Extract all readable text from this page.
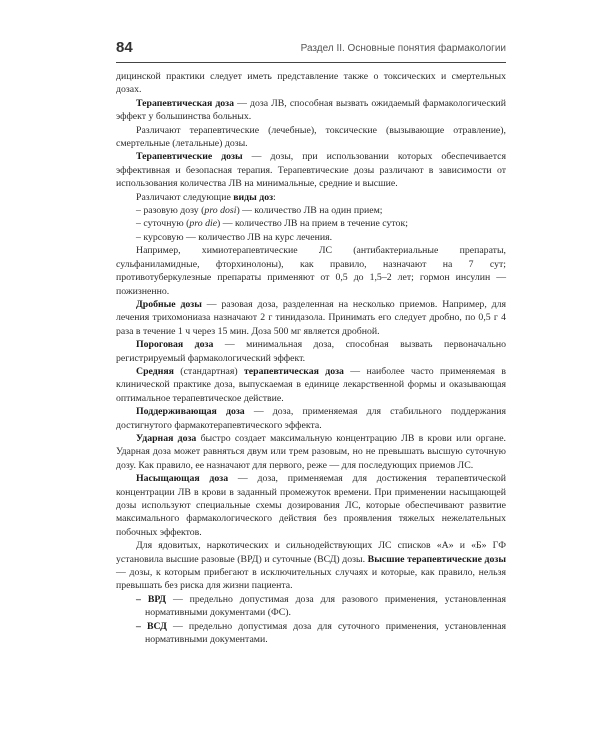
84	Раздел II. Основные понятия фармакологии

дицинской практики следует иметь представление также о токсических и смертельных дозах.

Терапевтическая доза — доза ЛВ, способная вызвать ожидаемый фармакологический эффект у большинства больных.

Различают терапевтические (лечебные), токсические (вызывающие отравление), смертельные (летальные) дозы.

Терапевтические дозы — дозы, при использовании которых обеспечивается эффективная и безопасная терапия. Терапевтические дозы различают в зависимости от использования количества ЛВ на минимальные, средние и высшие.

Различают следующие виды доз:

– разовую дозу (pro dosi) — количество ЛВ на один прием;

– суточную (pro die) — количество ЛВ на прием в течение суток;

– курсовую — количество ЛВ на курс лечения.

Например, химиотерапевтические ЛС (антибактериальные препараты, сульфаниламидные, фторхинолоны), как правило, назначают на 7 сут; противотуберкулезные препараты применяют от 0,5 до 1,5–2 лет; гормон инсулин — пожизненно.

Дробные дозы — разовая доза, разделенная на несколько приемов. Например, для лечения трихомониаза назначают 2 г тинидазола. Принимать его следует дробно, по 0,5 г 4 раза в течение 1 ч через 15 мин. Доза 500 мг является дробной.

Пороговая доза — минимальная доза, способная вызвать первоначально регистрируемый фармакологический эффект.

Средняя (стандартная) терапевтическая доза — наиболее часто применяемая в клинической практике доза, выпускаемая в единице лекарственной формы и оказывающая оптимальное терапевтическое действие.

Поддерживающая доза — доза, применяемая для стабильного поддержания достигнутого фармакотерапевтического эффекта.

Ударная доза быстро создает максимальную концентрацию ЛВ в крови или органе. Ударная доза может равняться двум или трем разовым, но не превышать высшую суточную дозу. Как правило, ее назначают для первого, реже — для последующих приемов ЛС.

Насыщающая доза — доза, применяемая для достижения терапевтической концентрации ЛВ в крови в заданный промежуток времени. При применении насыщающей дозы используют специальные схемы дозирования ЛС, которые обеспечивают развитие максимального фармакологического действия без проявления тяжелых нежелательных побочных эффектов.

Для ядовитых, наркотических и сильнодействующих ЛС списков «А» и «Б» ГФ установила высшие разовые (ВРД) и суточные (ВСД) дозы. Высшие терапевтические дозы — дозы, к которым прибегают в исключительных случаях и которые, как правило, нельзя превышать без риска для жизни пациента.

– ВРД — предельно допустимая доза для разового применения, установленная нормативными документами (ФС).

– ВСД — предельно допустимая доза для суточного применения, установленная нормативными документами.
